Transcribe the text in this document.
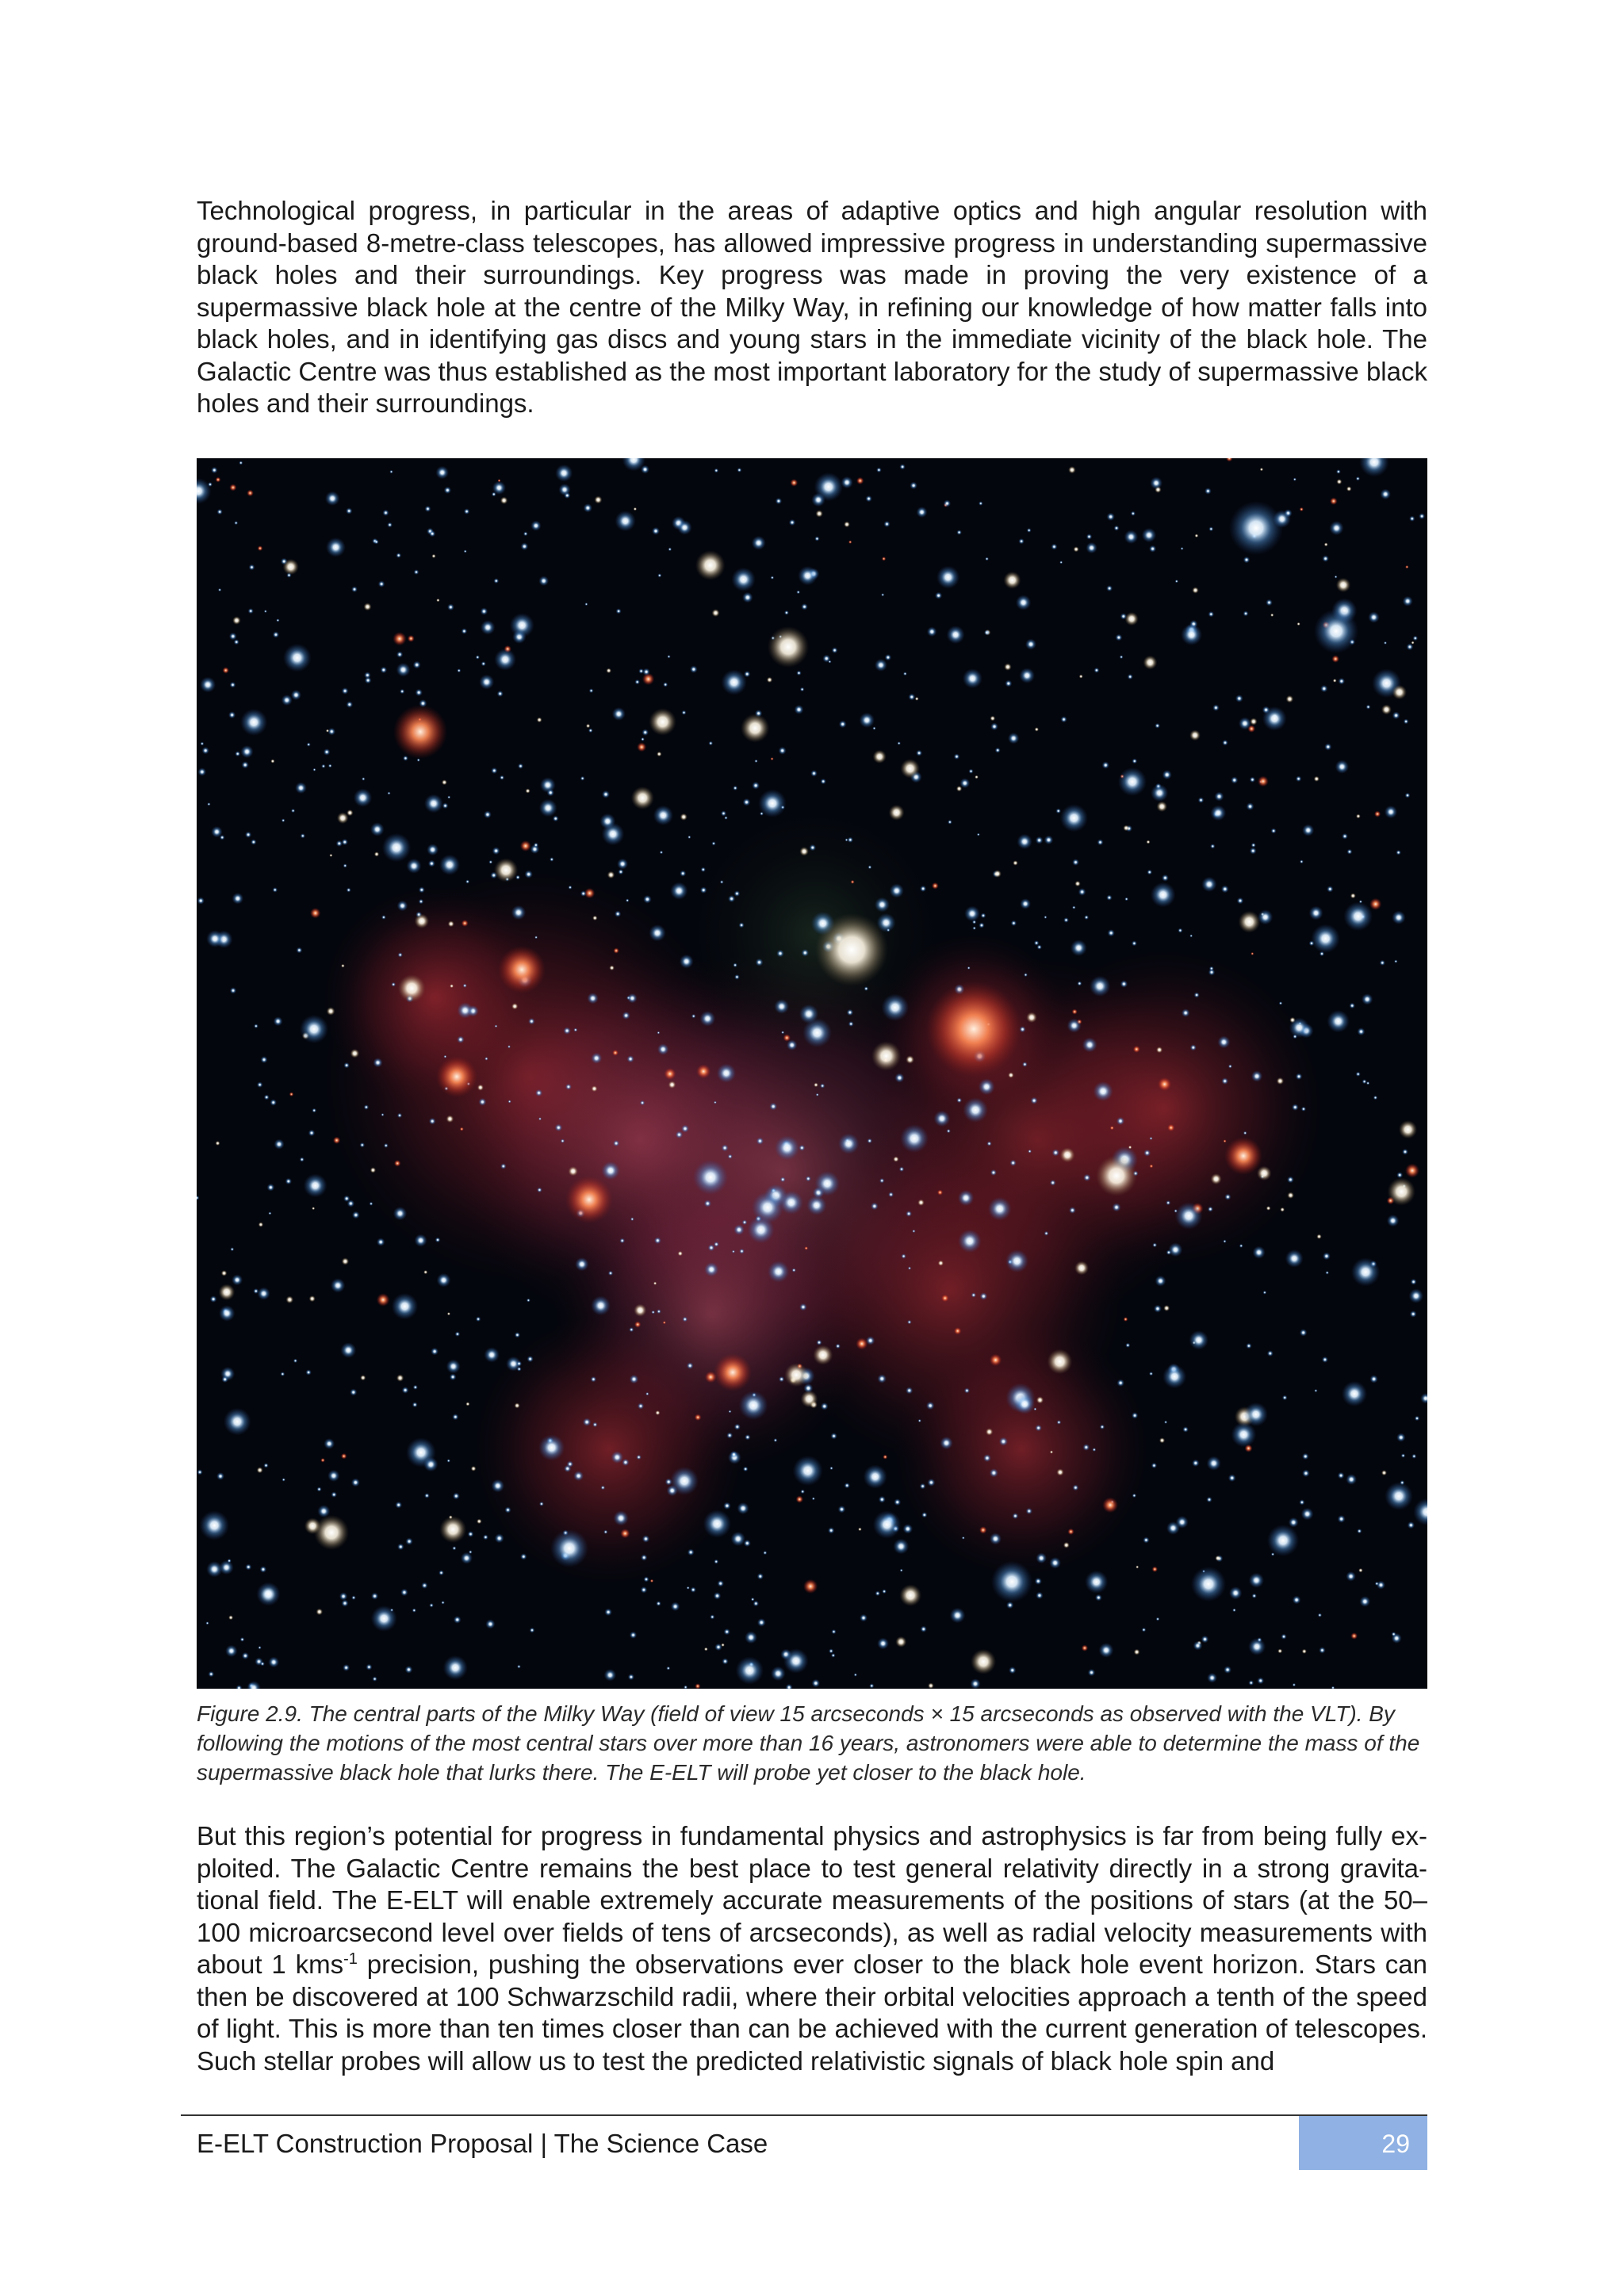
Technological progress, in particular in the areas of adaptive optics and high angular resolution with ground-based 8-metre-class telescopes, has allowed impressive progress in understanding supermassive black holes and their surroundings. Key progress was made in proving the very existence of a supermassive black hole at the centre of the Milky Way, in refining our knowledge of how matter falls into black holes, and in identifying gas discs and young stars in the immediate vicinity of the black hole. The Galactic Centre was thus established as the most important laboratory for the study of supermassive black holes and their surroundings.

Figure 2.9. The central parts of the Milky Way (field of view 15 arcseconds × 15 arcseconds as observed with the VLT). By following the motions of the most central stars over more than 16 years, astronomers were able to determine the mass of the supermassive black hole that lurks there. The E-ELT will probe yet closer to the black hole.

But this region’s potential for progress in fundamental physics and astrophysics is far from being fully exploited. The Galactic Centre remains the best place to test general relativity directly in a strong gravitational field. The E-ELT will enable extremely accurate measurements of the positions of stars (at the 50–100 microarcsecond level over fields of tens of arcseconds), as well as radial velocity measurements with about 1 kms$^{-1}$ precision, pushing the observations ever closer to the black hole event horizon. Stars can then be discovered at 100 Schwarzschild radii, where their orbital velocities approach a tenth of the speed of light. This is more than ten times closer than can be achieved with the current generation of telescopes. Such stellar probes will allow us to test the predicted relativistic signals of black hole spin and

E-ELT Construction Proposal | The Science Case	29
